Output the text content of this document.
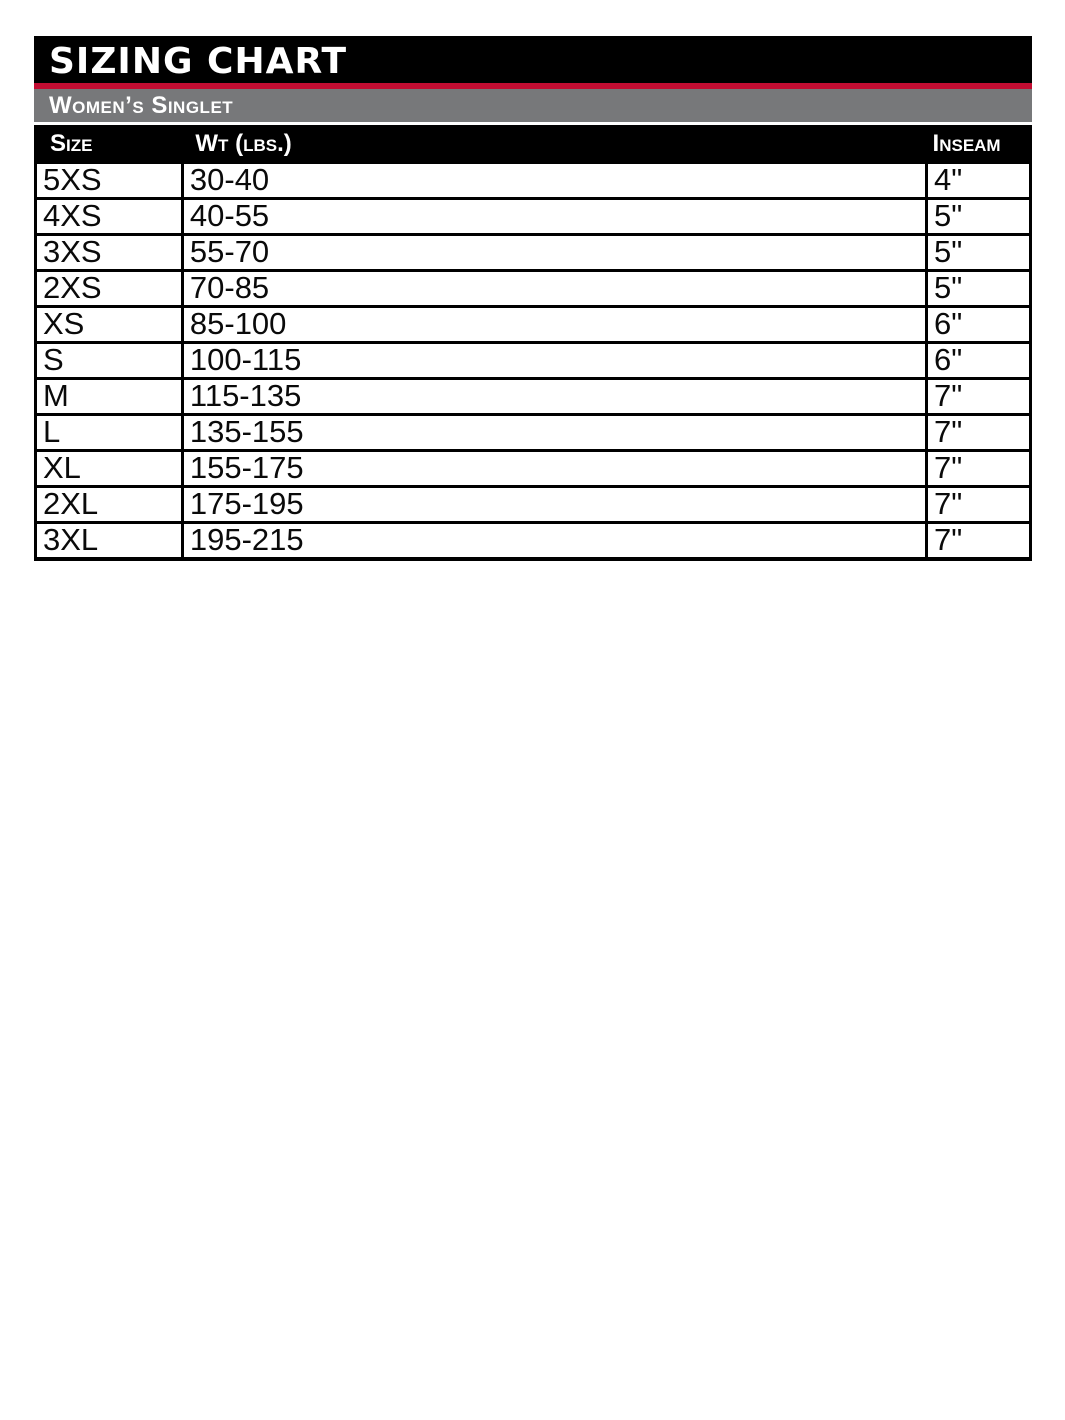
SIZING CHART
Women’s Singlet
Size	Wt (lbs.)	Inseam
5XS	30-40	4"
4XS	40-55	5"
3XS	55-70	5"
2XS	70-85	5"
XS	85-100	6"
S	100-115	6"
M	115-135	7"
L	135-155	7"
XL	155-175	7"
2XL	175-195	7"
3XL	195-215	7"
